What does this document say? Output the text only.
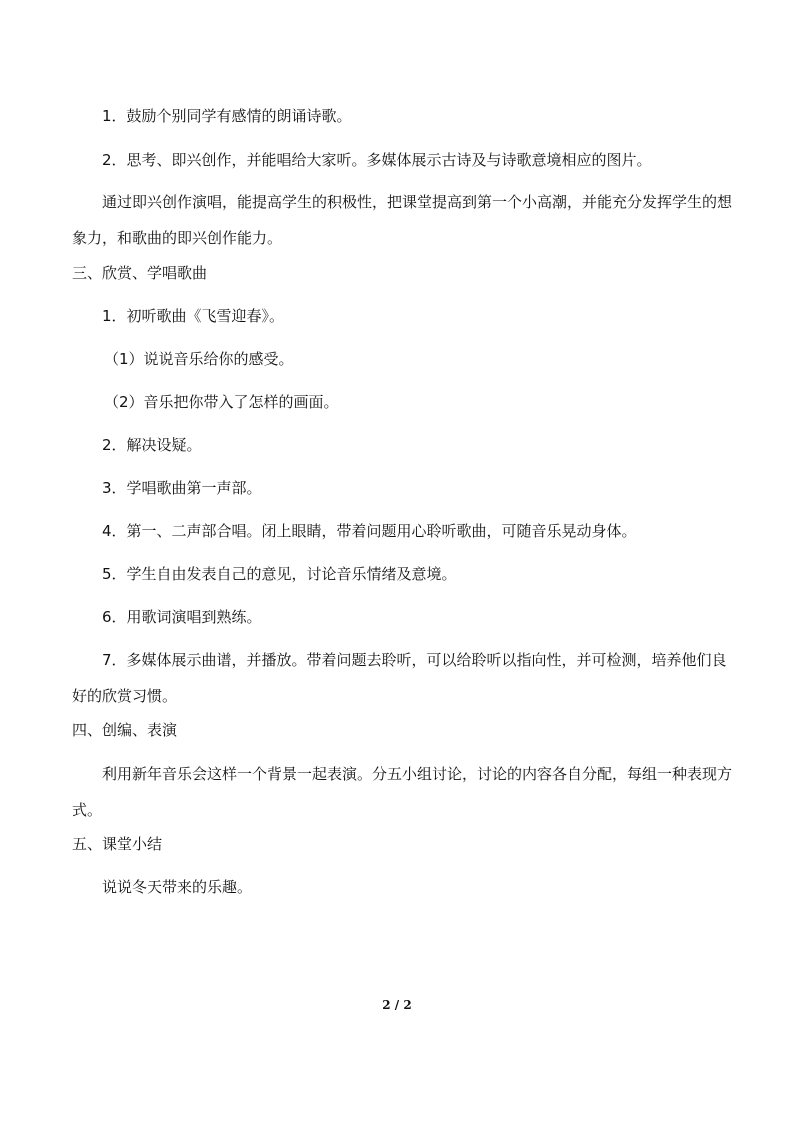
1．鼓励个别同学有感情的朗诵诗歌。
2．思考、即兴创作，并能唱给大家听。多媒体展示古诗及与诗歌意境相应的图片。
通过即兴创作演唱，能提高学生的积极性，把课堂提高到第一个小高潮，并能充分发挥学生的想象力，和歌曲的即兴创作能力。
三、欣赏、学唱歌曲
1．初听歌曲《飞雪迎春》。
（1）说说音乐给你的感受。
（2）音乐把你带入了怎样的画面。
2．解决设疑。
3．学唱歌曲第一声部。
4．第一、二声部合唱。闭上眼睛，带着问题用心聆听歌曲，可随音乐晃动身体。
5．学生自由发表自己的意见，讨论音乐情绪及意境。
6．用歌词演唱到熟练。
7．多媒体展示曲谱，并播放。带着问题去聆听，可以给聆听以指向性，并可检测，培养他们良好的欣赏习惯。
四、创编、表演
利用新年音乐会这样一个背景一起表演。分五小组讨论，讨论的内容各自分配，每组一种表现方式。
五、课堂小结
说说冬天带来的乐趣。
2 / 2
